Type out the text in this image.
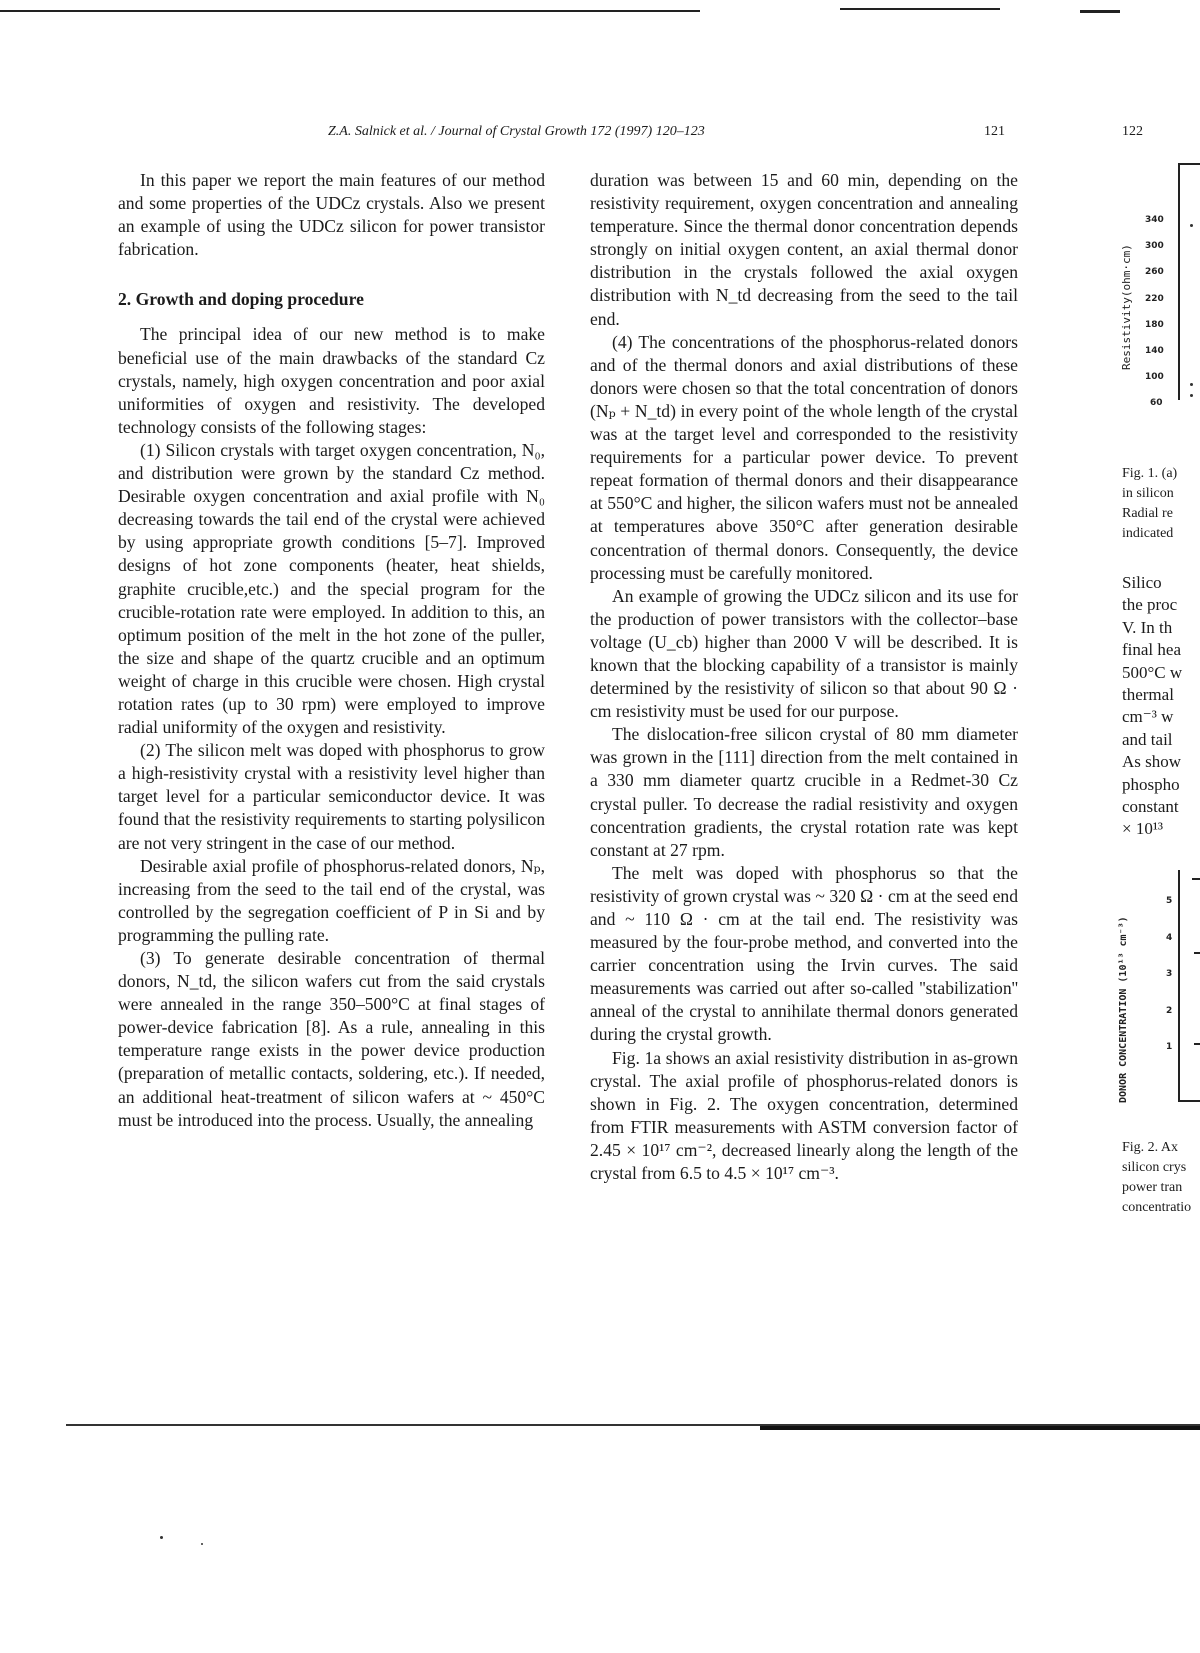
Z.A. Salnick et al. / Journal of Crystal Growth 172 (1997) 120–123	121

In this paper we report the main features of our method and some properties of the UDCz crystals. Also we present an example of using the UDCz silicon for power transistor fabrication.

2. Growth and doping procedure

The principal idea of our new method is to make beneficial use of the main drawbacks of the standard Cz crystals, namely, high oxygen concentration and poor axial uniformities of oxygen and resistivity. The developed technology consists of the following stages:

(1) Silicon crystals with target oxygen concentration, N₀, and distribution were grown by the standard Cz method. Desirable oxygen concentration and axial profile with N₀ decreasing towards the tail end of the crystal were achieved by using appropriate growth conditions [5–7]. Improved designs of hot zone components (heater, heat shields, graphite crucible,etc.) and the special program for the crucible-rotation rate were employed. In addition to this, an optimum position of the melt in the hot zone of the puller, the size and shape of the quartz crucible and an optimum weight of charge in this crucible were chosen. High crystal rotation rates (up to 30 rpm) were employed to improve radial uniformity of the oxygen and resistivity.

(2) The silicon melt was doped with phosphorus to grow a high-resistivity crystal with a resistivity level higher than target level for a particular semiconductor device. It was found that the resistivity requirements to starting polysilicon are not very stringent in the case of our method.

Desirable axial profile of phosphorus-related donors, Nₚ, increasing from the seed to the tail end of the crystal, was controlled by the segregation coefficient of P in Si and by programming the pulling rate.

(3) To generate desirable concentration of thermal donors, N_td, the silicon wafers cut from the said crystals were annealed in the range 350–500°C at final stages of power-device fabrication [8]. As a rule, annealing in this temperature range exists in the power device production (preparation of metallic contacts, soldering, etc.). If needed, an additional heat-treatment of silicon wafers at ~ 450°C must be introduced into the process. Usually, the annealing

duration was between 15 and 60 min, depending on the resistivity requirement, oxygen concentration and annealing temperature. Since the thermal donor concentration depends strongly on initial oxygen content, an axial thermal donor distribution in the crystals followed the axial oxygen distribution with N_td decreasing from the seed to the tail end.

(4) The concentrations of the phosphorus-related donors and of the thermal donors and axial distributions of these donors were chosen so that the total concentration of donors (Nₚ + N_td) in every point of the whole length of the crystal was at the target level and corresponded to the resistivity requirements for a particular power device. To prevent repeat formation of thermal donors and their disappearance at 550°C and higher, the silicon wafers must not be annealed at temperatures above 350°C after generation desirable concentration of thermal donors. Consequently, the device processing must be carefully monitored.

An example of growing the UDCz silicon and its use for the production of power transistors with the collector–base voltage (U_cb) higher than 2000 V will be described. It is known that the blocking capability of a transistor is mainly determined by the resistivity of silicon so that about 90 Ω · cm resistivity must be used for our purpose.

The dislocation-free silicon crystal of 80 mm diameter was grown in the [111] direction from the melt contained in a 330 mm diameter quartz crucible in a Redmet-30 Cz crystal puller. To decrease the radial resistivity and oxygen concentration gradients, the crystal rotation rate was kept constant at 27 rpm.

The melt was doped with phosphorus so that the resistivity of grown crystal was ~ 320 Ω · cm at the seed end and ~ 110 Ω · cm at the tail end. The resistivity was measured by the four-probe method, and converted into the carrier concentration using the Irvin curves. The said measurements was carried out after so-called ''stabilization'' anneal of the crystal to annihilate thermal donors generated during the crystal growth.

Fig. 1a shows an axial resistivity distribution in as-grown crystal. The axial profile of phosphorus-related donors is shown in Fig. 2. The oxygen concentration, determined from FTIR measurements with ASTM conversion factor of 2.45 × 10¹⁷ cm⁻², decreased linearly along the length of the crystal from 6.5 to 4.5 × 10¹⁷ cm⁻³.

122
Resistivity(ohm·cm)
340
300
260
220
180
140
100
60
Fig. 1. (a)
in silicon
Radial re
indicated
Silico
the proc
V. In th
final hea
500°C w
thermal
cm⁻³ w
and tail
As show
phospho
constant
× 10¹³
DONOR CONCENTRATION (10¹³ cm⁻³)
5
4
3
2
1
Fig. 2. Ax
silicon crys
power tran
concentratio
